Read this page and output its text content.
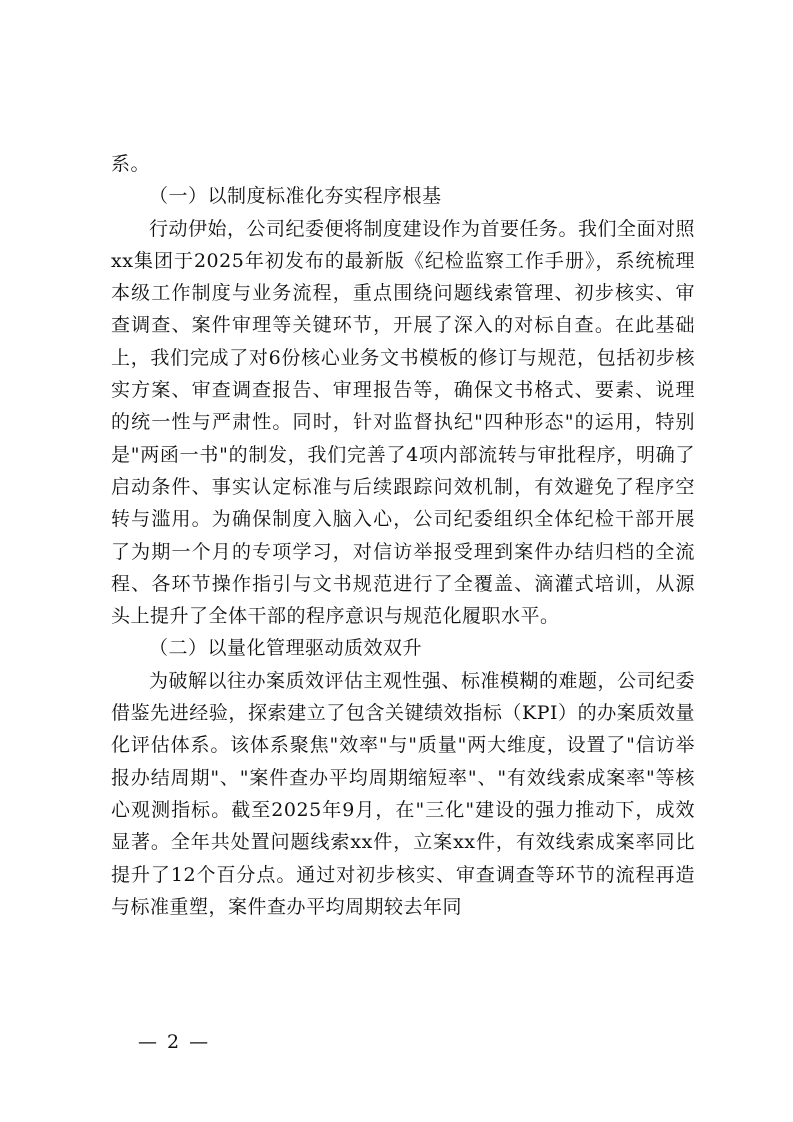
系。

（一）以制度标准化夯实程序根基

行动伊始，公司纪委便将制度建设作为首要任务。我们全面对照xx集团于2025年初发布的最新版《纪检监察工作手册》，系统梳理本级工作制度与业务流程，重点围绕问题线索管理、初步核实、审查调查、案件审理等关键环节，开展了深入的对标自查。在此基础上，我们完成了对6份核心业务文书模板的修订与规范，包括初步核实方案、审查调查报告、审理报告等，确保文书格式、要素、说理的统一性与严肃性。同时，针对监督执纪"四种形态"的运用，特别是"两函一书"的制发，我们完善了4项内部流转与审批程序，明确了启动条件、事实认定标准与后续跟踪问效机制，有效避免了程序空转与滥用。为确保制度入脑入心，公司纪委组织全体纪检干部开展了为期一个月的专项学习，对信访举报受理到案件办结归档的全流程、各环节操作指引与文书规范进行了全覆盖、滴灌式培训，从源头上提升了全体干部的程序意识与规范化履职水平。

（二）以量化管理驱动质效双升

为破解以往办案质效评估主观性强、标准模糊的难题，公司纪委借鉴先进经验，探索建立了包含关键绩效指标（KPI）的办案质效量化评估体系。该体系聚焦"效率"与"质量"两大维度，设置了"信访举报办结周期"、"案件查办平均周期缩短率"、"有效线索成案率"等核心观测指标。截至2025年9月，在"三化"建设的强力推动下，成效显著。全年共处置问题线索xx件，立案xx件，有效线索成案率同比提升了12个百分点。通过对初步核实、审查调查等环节的流程再造与标准重塑，案件查办平均周期较去年同

— 2 —
